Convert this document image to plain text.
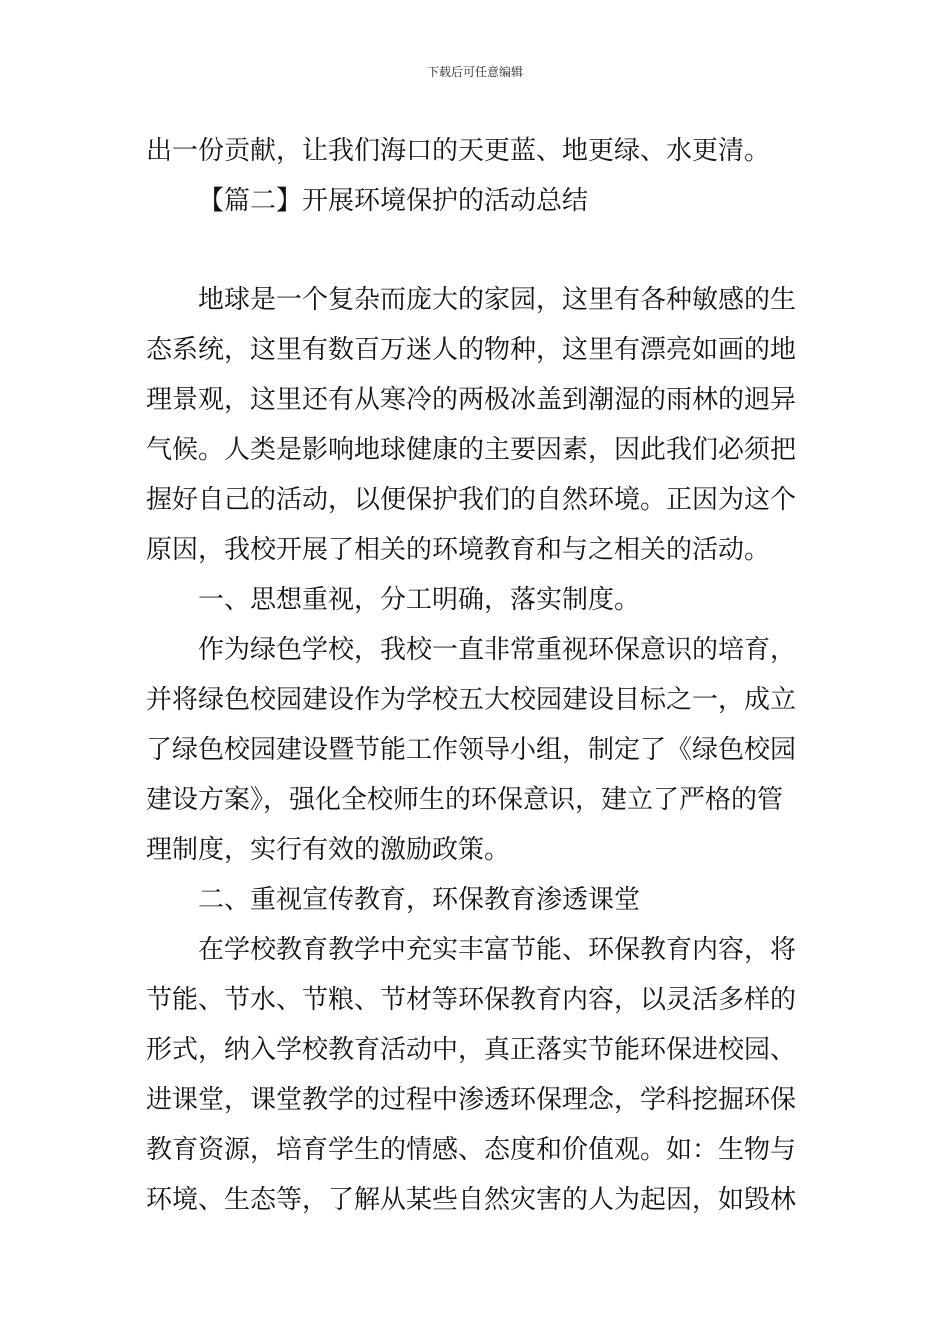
下载后可任意编辑
出一份贡献，让我们海口的天更蓝、地更绿、水更清。
【篇二】开展环境保护的活动总结
地球是一个复杂而庞大的家园，这里有各种敏感的生
态系统，这里有数百万迷人的物种，这里有漂亮如画的地
理景观，这里还有从寒冷的两极冰盖到潮湿的雨林的迥异
气候。人类是影响地球健康的主要因素，因此我们必须把
握好自己的活动，以便保护我们的自然环境。正因为这个
原因，我校开展了相关的环境教育和与之相关的活动。
一、思想重视，分工明确，落实制度。
作为绿色学校，我校一直非常重视环保意识的培育，
并将绿色校园建设作为学校五大校园建设目标之一，成立
了绿色校园建设暨节能工作领导小组，制定了《绿色校园
建设方案》，强化全校师生的环保意识，建立了严格的管
理制度，实行有效的激励政策。
二、重视宣传教育，环保教育渗透课堂
在学校教育教学中充实丰富节能、环保教育内容，将
节能、节水、节粮、节材等环保教育内容，以灵活多样的
形式，纳入学校教育活动中，真正落实节能环保进校园、
进课堂，课堂教学的过程中渗透环保理念，学科挖掘环保
教育资源，培育学生的情感、态度和价值观。如：生物与
环境、生态等，了解从某些自然灾害的人为起因，如毁林
